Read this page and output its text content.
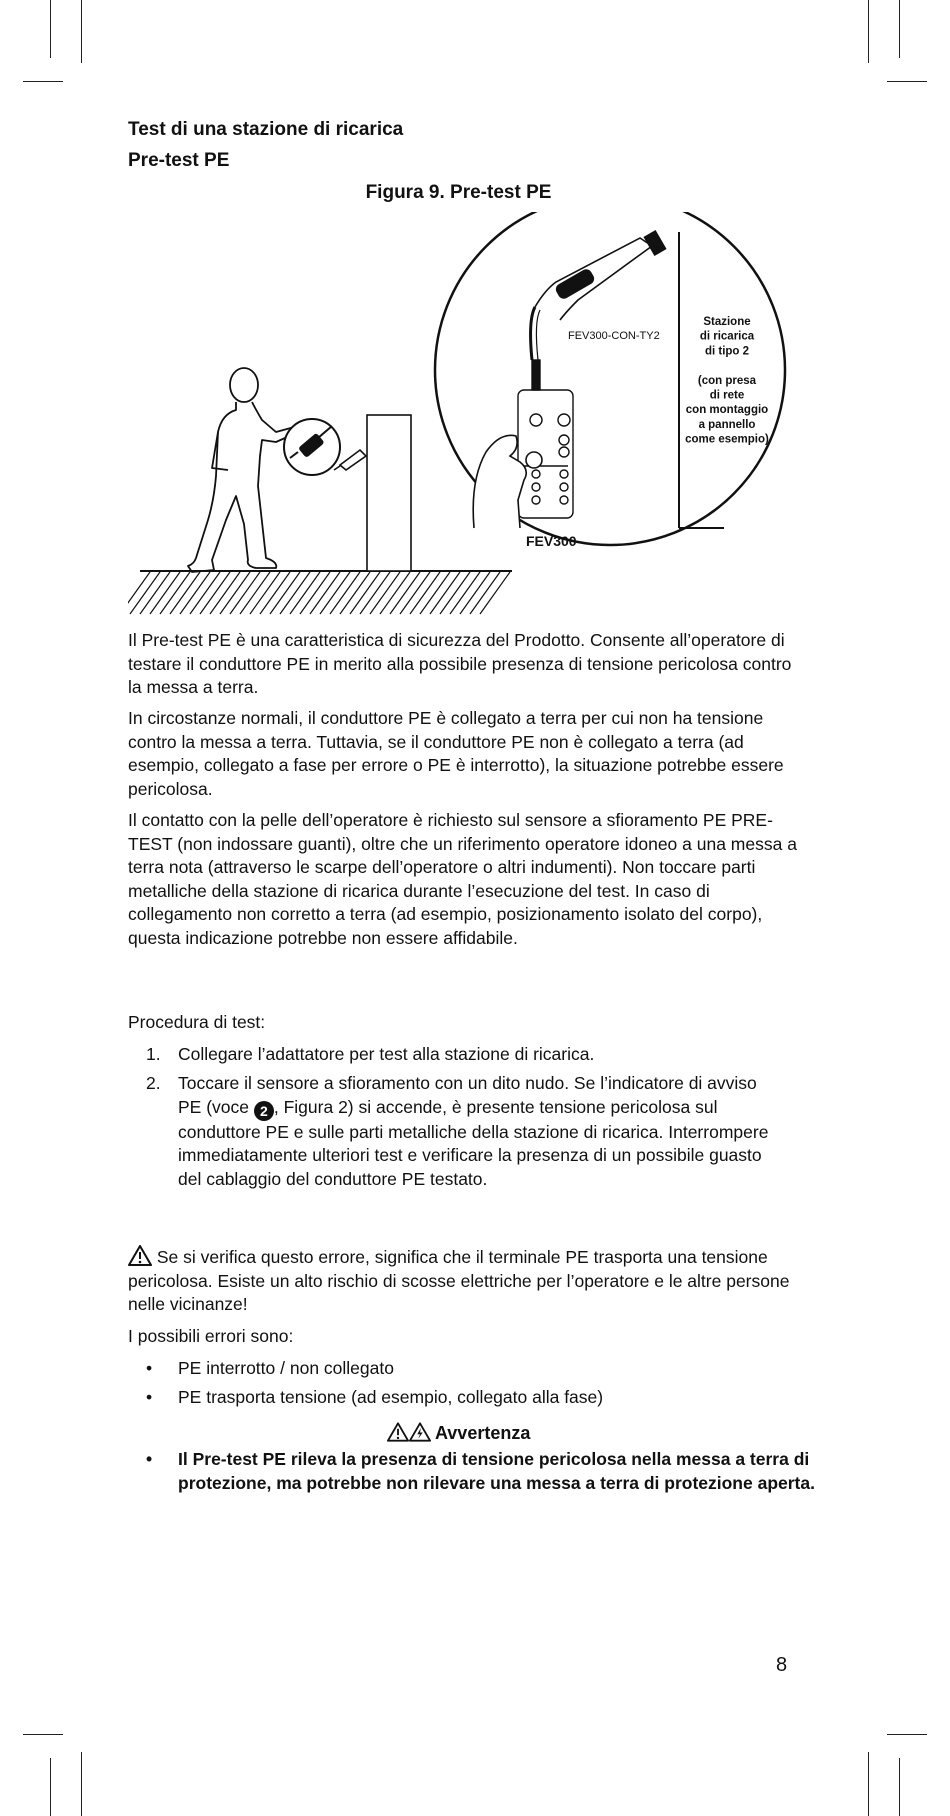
Test di una stazione di ricarica
Pre-test PE
Figura 9. Pre-test PE
FEV300-CON-TY2
FEV300
Stazione
di ricarica
di tipo 2
(con presa
di rete
con montaggio
a pannello
come esempio)
Il Pre-test PE è una caratteristica di sicurezza del Prodotto. Consente all’operatore di testare il conduttore PE in merito alla possibile presenza di tensione pericolosa contro la messa a terra.
In circostanze normali, il conduttore PE è collegato a terra per cui non ha tensione contro la messa a terra. Tuttavia, se il conduttore PE non è collegato a terra (ad esempio, collegato a fase per errore o PE è interrotto), la situazione potrebbe essere pericolosa.
Il contatto con la pelle dell’operatore è richiesto sul sensore a sfioramento PE PRE-TEST (non indossare guanti), oltre che un riferimento operatore idoneo a una messa a terra nota (attraverso le scarpe dell’operatore o altri indumenti). Non toccare parti metalliche della stazione di ricarica durante l’esecuzione del test. In caso di collegamento non corretto a terra (ad esempio, posizionamento isolato del corpo), questa indicazione potrebbe non essere affidabile.
Procedura di test:
1. Collegare l’adattatore per test alla stazione di ricarica.
2. Toccare il sensore a sfioramento con un dito nudo. Se l’indicatore di avviso PE (voce 2 , Figura 2) si accende, è presente tensione pericolosa sul conduttore PE e sulle parti metalliche della stazione di ricarica. Interrompere immediatamente ulteriori test e verificare la presenza di un possibile guasto del cablaggio del conduttore PE testato.
Se si verifica questo errore, significa che il terminale PE trasporta una tensione pericolosa. Esiste un alto rischio di scosse elettriche per l’operatore e le altre persone nelle vicinanze!
I possibili errori sono:
• PE interrotto / non collegato
• PE trasporta tensione (ad esempio, collegato alla fase)
Avvertenza
• Il Pre-test PE rileva la presenza di tensione pericolosa nella messa a terra di protezione, ma potrebbe non rilevare una messa a terra di protezione aperta.
8
